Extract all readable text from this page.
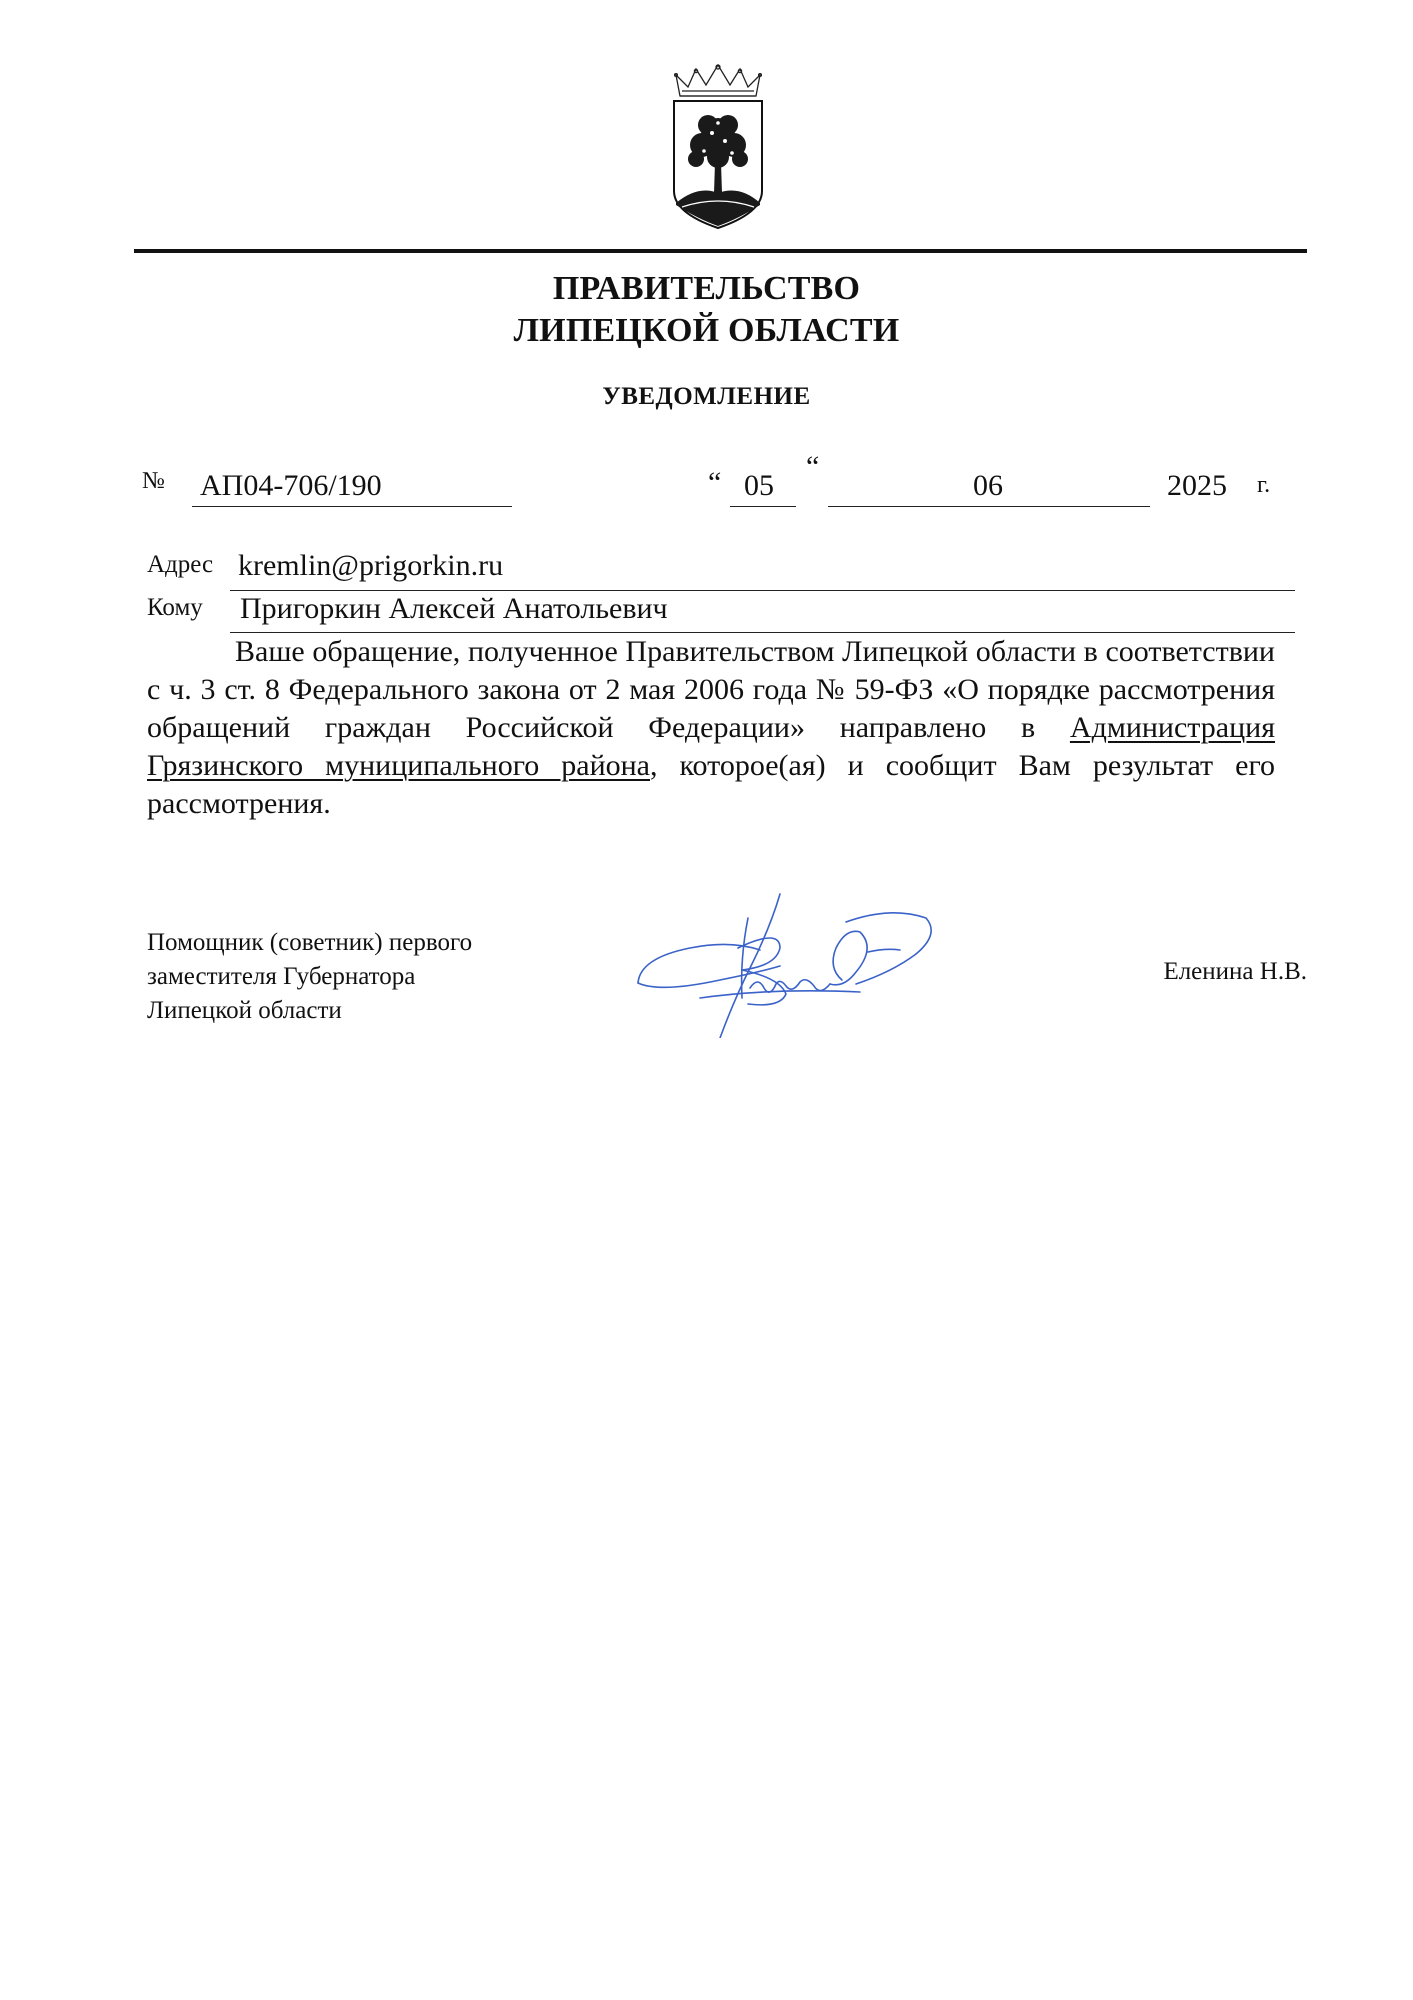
ПРАВИТЕЛЬСТВО
ЛИПЕЦКОЙ ОБЛАСТИ
УВЕДОМЛЕНИЕ
№ АП04-706/190	“ 05
“
06	2025 г.
Адрес kremlin@prigorkin.ru
Кому Пригоркин Алексей Анатольевич

Ваше обращение, полученное Правительством Липецкой области в соответствии с ч. 3 ст. 8 Федерального закона от 2 мая 2006 года № 59-ФЗ «О порядке рассмотрения обращений граждан Российской Федерации» направлено в Администрация Грязинского муниципального района, которое(ая) и сообщит Вам результат его рассмотрения.

Помощник (советник) первого
заместителя Губернатора
Липецкой области
Еленина Н.В.
